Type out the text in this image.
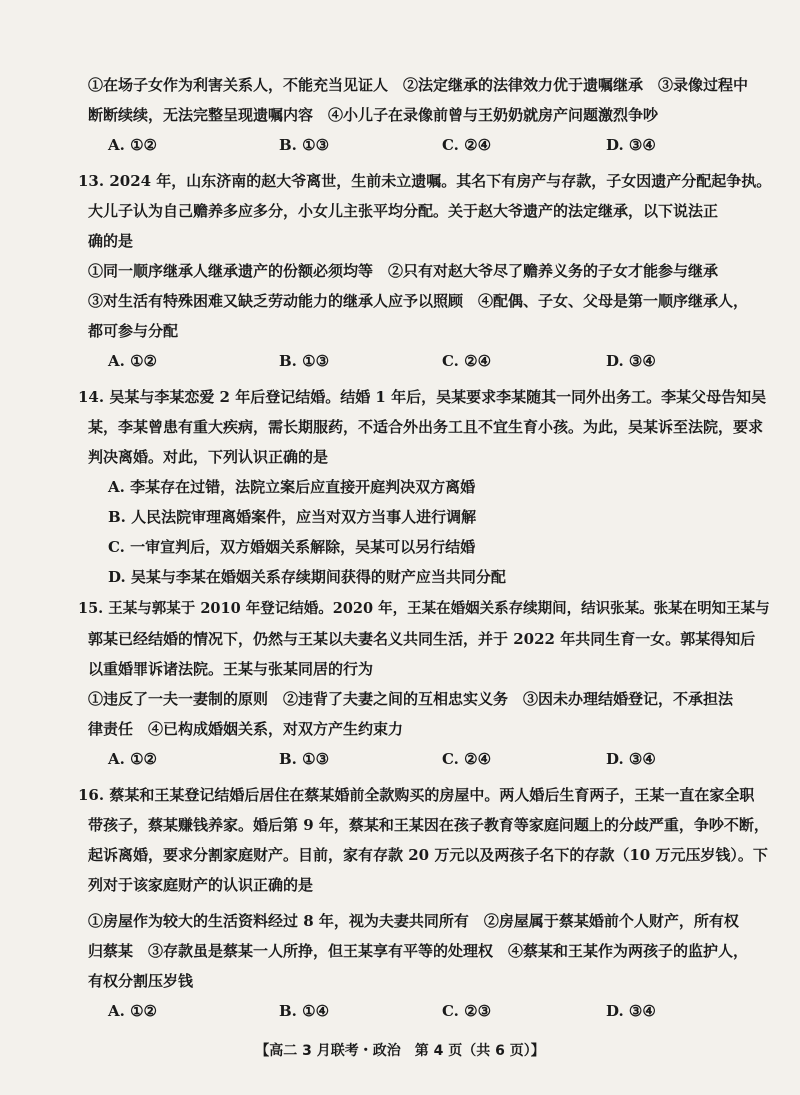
①在场子女作为利害关系人，不能充当见证人　②法定继承的法律效力优于遗嘱继承　③录像过程中
断断续续，无法完整呈现遗嘱内容　④小儿子在录像前曾与王奶奶就房产问题激烈争吵
A. ①②	B. ①③	C. ②④	D. ③④
13. 2024 年，山东济南的赵大爷离世，生前未立遗嘱。其名下有房产与存款，子女因遗产分配起争执。
大儿子认为自己赡养多应多分，小女儿主张平均分配。关于赵大爷遗产的法定继承，以下说法正
确的是
①同一顺序继承人继承遗产的份额必须均等　②只有对赵大爷尽了赡养义务的子女才能参与继承
③对生活有特殊困难又缺乏劳动能力的继承人应予以照顾　④配偶、子女、父母是第一顺序继承人，
都可参与分配
A. ①②	B. ①③	C. ②④	D. ③④
14. 吴某与李某恋爱 2 年后登记结婚。结婚 1 年后，吴某要求李某随其一同外出务工。李某父母告知吴
某，李某曾患有重大疾病，需长期服药，不适合外出务工且不宜生育小孩。为此，吴某诉至法院，要求
判决离婚。对此，下列认识正确的是
A. 李某存在过错，法院立案后应直接开庭判决双方离婚
B. 人民法院审理离婚案件，应当对双方当事人进行调解
C. 一审宣判后，双方婚姻关系解除，吴某可以另行结婚
D. 吴某与李某在婚姻关系存续期间获得的财产应当共同分配
15. 王某与郭某于 2010 年登记结婚。2020 年，王某在婚姻关系存续期间，结识张某。张某在明知王某与
郭某已经结婚的情况下，仍然与王某以夫妻名义共同生活，并于 2022 年共同生育一女。郭某得知后
以重婚罪诉诸法院。王某与张某同居的行为
①违反了一夫一妻制的原则　②违背了夫妻之间的互相忠实义务　③因未办理结婚登记，不承担法
律责任　④已构成婚姻关系，对双方产生约束力
A. ①②	B. ①③	C. ②④	D. ③④
16. 蔡某和王某登记结婚后居住在蔡某婚前全款购买的房屋中。两人婚后生育两子，王某一直在家全职
带孩子，蔡某赚钱养家。婚后第 9 年，蔡某和王某因在孩子教育等家庭问题上的分歧严重，争吵不断，
起诉离婚，要求分割家庭财产。目前，家有存款 20 万元以及两孩子名下的存款（10 万元压岁钱）。下
列对于该家庭财产的认识正确的是
①房屋作为较大的生活资料经过 8 年，视为夫妻共同所有　②房屋属于蔡某婚前个人财产，所有权
归蔡某　③存款虽是蔡某一人所挣，但王某享有平等的处理权　④蔡某和王某作为两孩子的监护人，
有权分割压岁钱
A. ①②	B. ①④	C. ②③	D. ③④
【高二 3 月联考・政治　第 4 页（共 6 页）】
